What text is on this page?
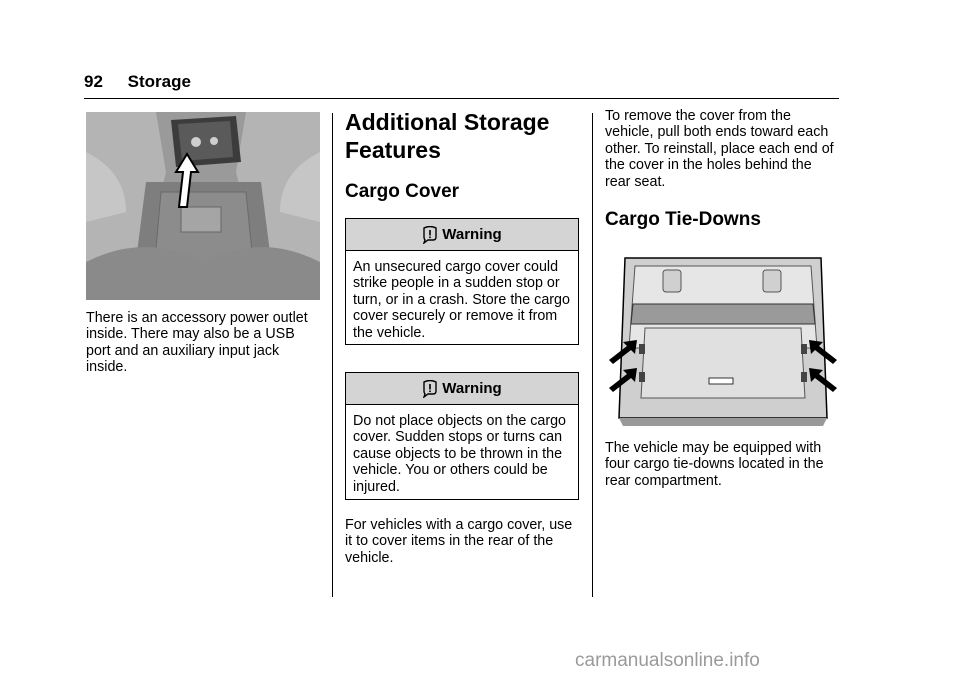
92 Storage

There is an accessory power outlet inside. There may also be a USB port and an auxiliary input jack inside.

Additional Storage Features
Cargo Cover
Warning
An unsecured cargo cover could strike people in a sudden stop or turn, or in a crash. Store the cargo cover securely or remove it from the vehicle.
Warning
Do not place objects on the cargo cover. Sudden stops or turns can cause objects to be thrown in the vehicle. You or others could be injured.

For vehicles with a cargo cover, use it to cover items in the rear of the vehicle.

To remove the cover from the vehicle, pull both ends toward each other. To reinstall, place each end of the cover in the holes behind the rear seat.

Cargo Tie-Downs

The vehicle may be equipped with four cargo tie-downs located in the rear compartment.

carmanualsonline.info
